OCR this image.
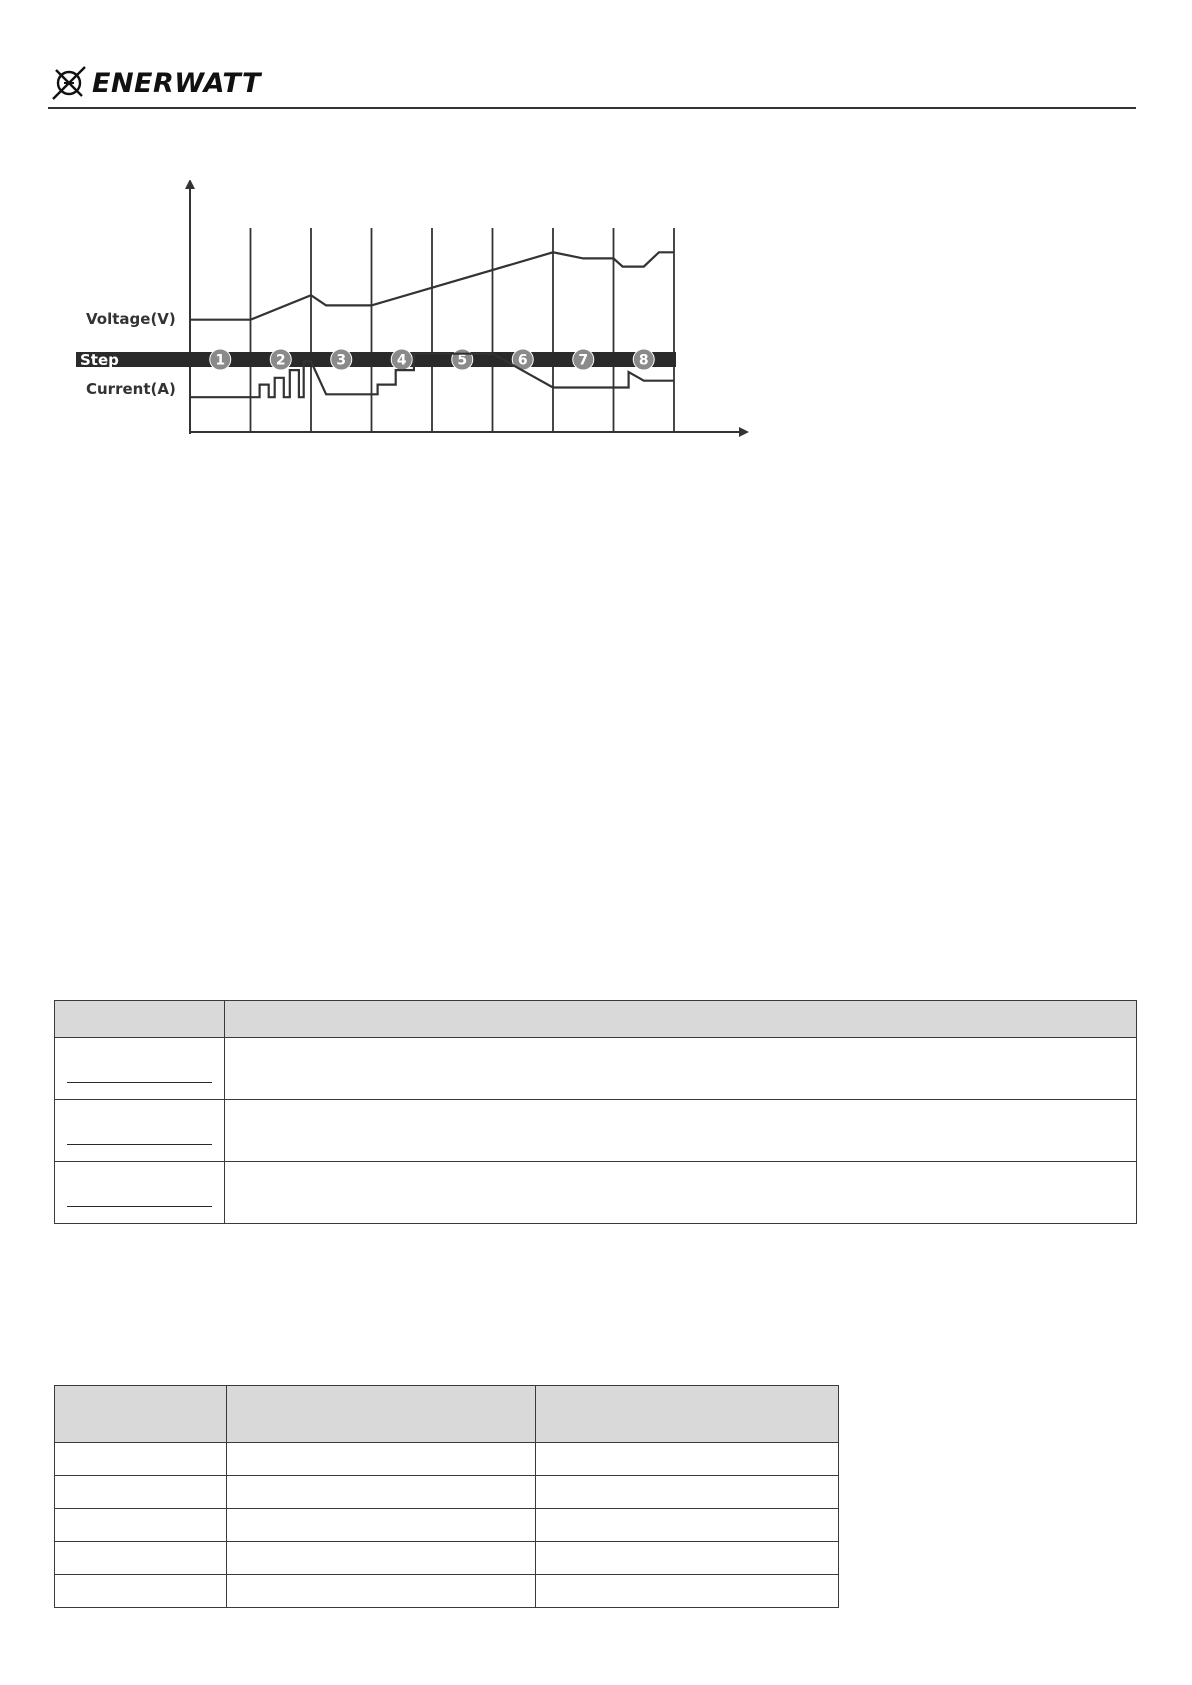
ENERWATT
Step	1	2	3	4	5	6	7	8
Voltage(V)
Current(A)
